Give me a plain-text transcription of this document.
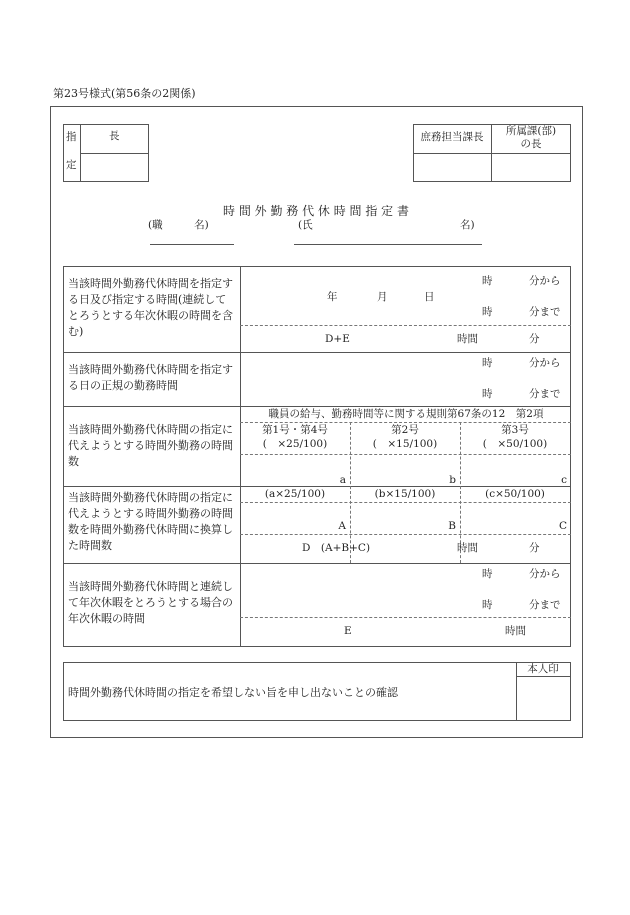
第23号様式(第56条の2関係)
指
定
長	庶務担当課長 所属課(部)
の長
時 間 外 勤 務 代 休 時 間 指 定 書
(職　　　名)	(氏	名)
当該時間外勤務代休時間を指定する日及び指定する時間(連続してとろうとする年次休暇の時間を含む)
年	月	日
時	分から
時	分まで
D+E	時間	分
当該時間外勤務代休時間を指定する日の正規の勤務時間
時	分から
時	分まで
当該時間外勤務代休時間の指定に代えようとする時間外勤務の時間数
職員の給与、勤務時間等に関する規則第67条の12　第2項
第1号・第4号	第2号	第3号
(　×25/100)	(　×15/100)	(　×50/100)
a	b	c
当該時間外勤務代休時間の指定に代えようとする時間外勤務の時間数を時間外勤務代休時間に換算した時間数
(a×25/100)	(b×15/100)	(c×50/100)
A	B	C
D　(A+B+C)	時間	分
当該時間外勤務代休時間と連続して年次休暇をとろうとする場合の年次休暇の時間
時	分から
時	分まで
E	時間
時間外勤務代休時間の指定を希望しない旨を申し出ないことの確認
本人印
